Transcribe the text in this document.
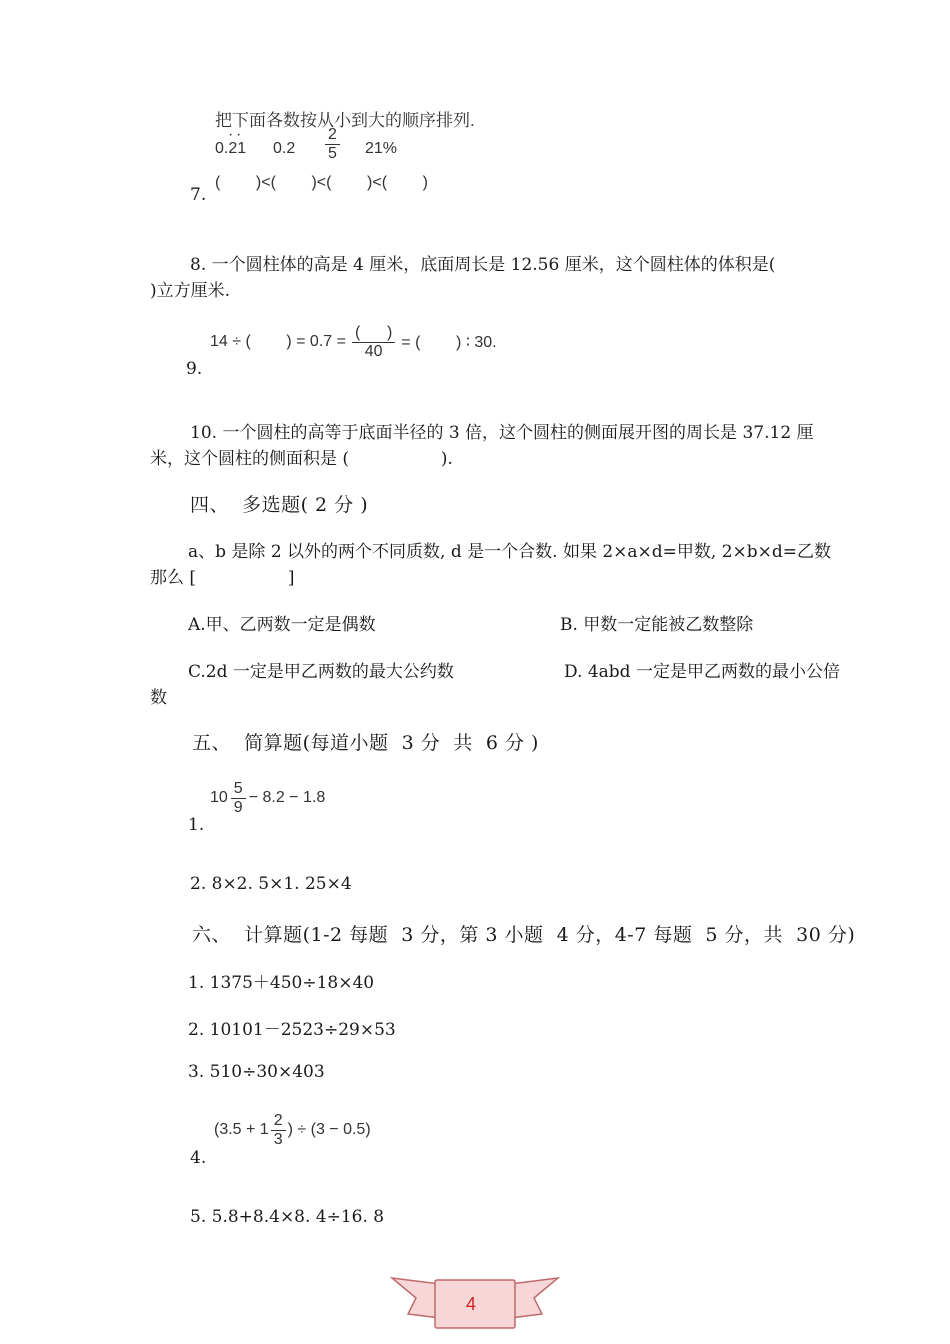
把下面各数按从小到大的顺序排列.
0.21
· ·
$0.2 \frac{2}{5} 21\%$
(        )<(        )<(        )<(        )
7.
8. 一个圆柱体的高是 4 厘米，底面周长是 12.56 厘米，这个圆柱体的体积是(
)立方厘米.
14 ÷ (        ) = $0.7 = \frac{( )}{40}$ = (        ) ∶ 30.
9.
10. 一个圆柱的高等于底面半径的 3 倍，这个圆柱的侧面展开图的周长是 37.12 厘
米，这个圆柱的侧面积是 (                 ).
四、  多选题( 2 分 )
a、b 是除 2 以外的两个不同质数, d 是一个合数. 如果 2×a×d=甲数, 2×b×d=乙数
那么 [                 ]
A.甲、乙两数一定是偶数	B. 甲数一定能被乙数整除
C.2d 一定是甲乙两数的最大公约数	D. 4abd 一定是甲乙两数的最小公倍
数
五、  简算题(每道小题  3 分  共  6 分 )
$10 \frac{5}{9} - 8.2 - 1.8$
1.
2. 8×2. 5×1. 25×4
六、  计算题(1-2 每题  3 分，第 3 小题  4 分，4-7 每题  5 分，共  30 分)
1. 1375＋450÷18×40
2. 10101－2523÷29×53
3. 510÷30×403
($3.5 + 1 \frac{2}{3}$ ) ÷ (3 − 0.5)
4.
5. 5.8+8.4×8. 4÷16. 8
4
